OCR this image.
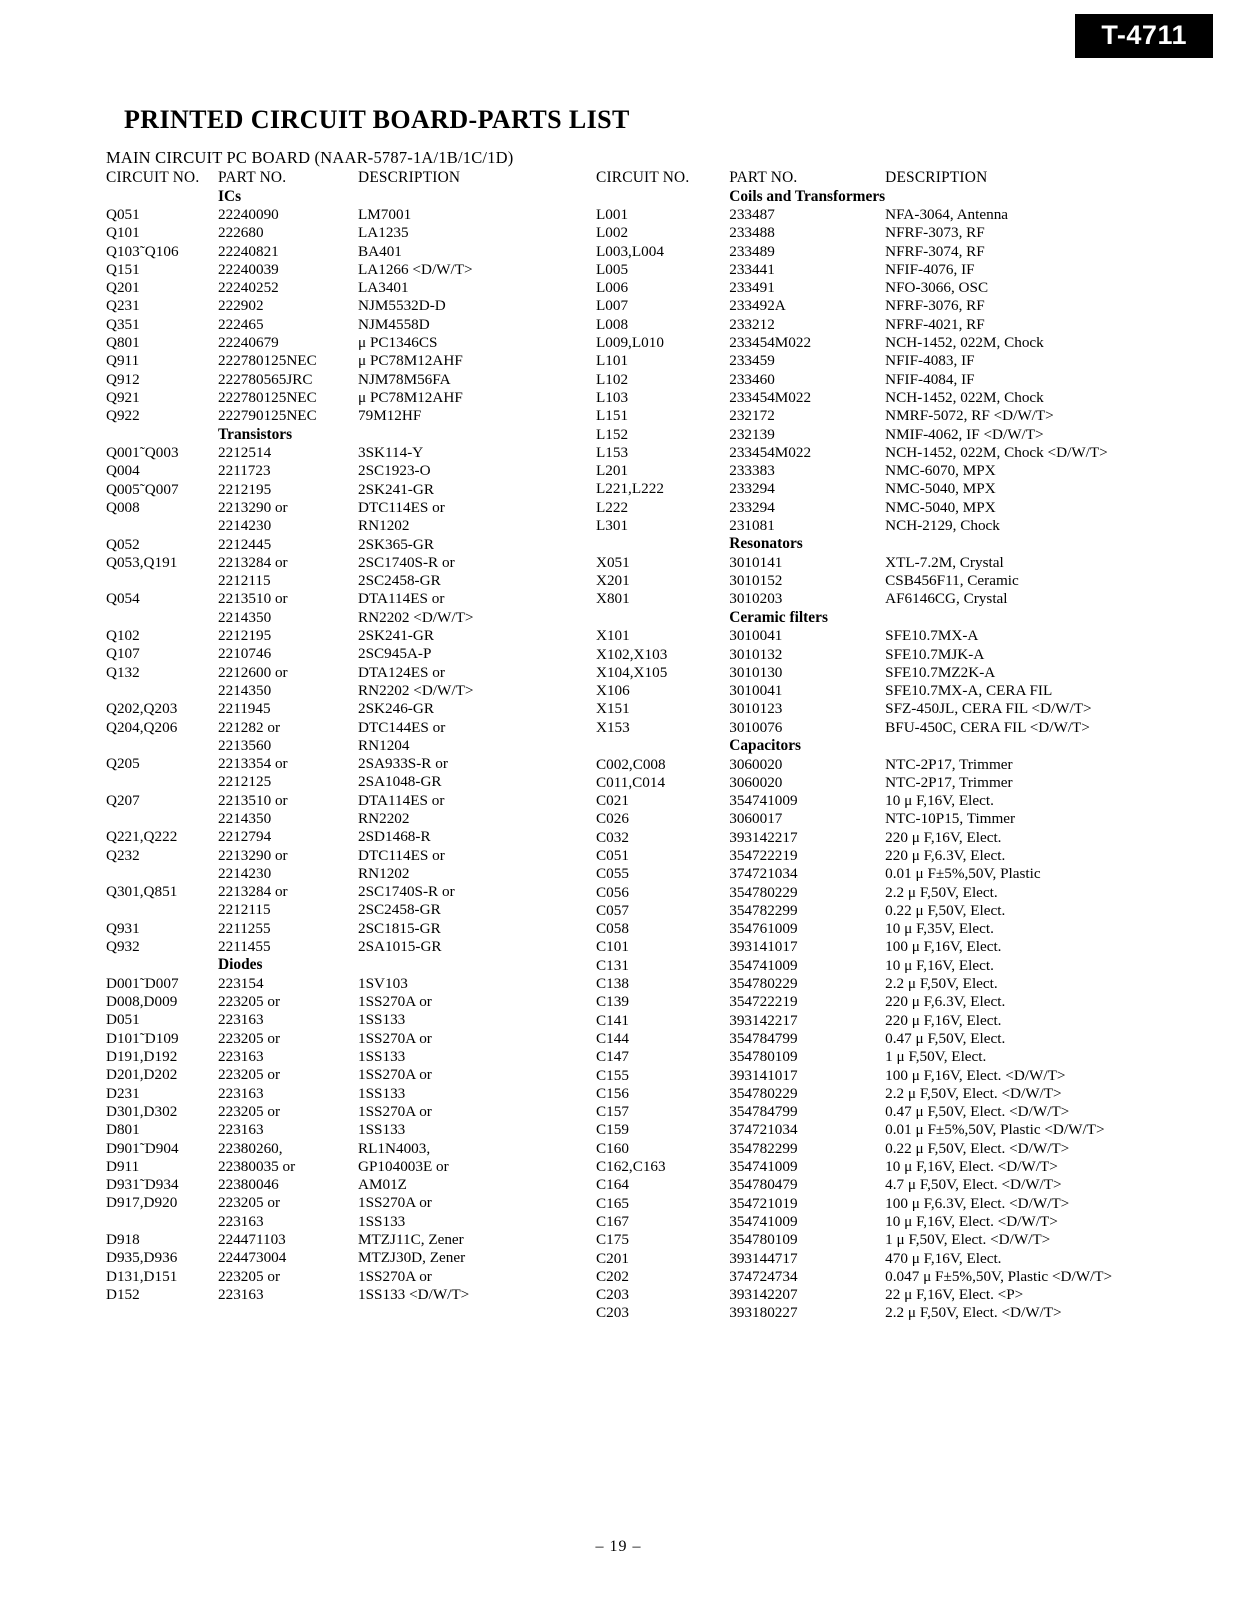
T-4711
PRINTED CIRCUIT BOARD-PARTS LIST
MAIN CIRCUIT PC BOARD (NAAR-5787-1A/1B/1C/1D)
CIRCUIT NO.	PART NO.	DESCRIPTION
	ICs	
Q051	22240090	LM7001
Q101	222680	LA1235
Q103˜Q106	22240821	BA401
Q151	22240039	LA1266 <D/W/T>
Q201	22240252	LA3401
Q231	222902	NJM5532D-D
Q351	222465	NJM4558D
Q801	22240679	μ PC1346CS
Q911	222780125NEC	μ PC78M12AHF
Q912	222780565JRC	NJM78M56FA
Q921	222780125NEC	μ PC78M12AHF
Q922	222790125NEC	79M12HF
	Transistors	
Q001˜Q003	2212514	3SK114-Y
Q004	2211723	2SC1923-O
Q005˜Q007	2212195	2SK241-GR
Q008	2213290 or	DTC114ES or
	2214230	RN1202
Q052	2212445	2SK365-GR
Q053,Q191	2213284 or	2SC1740S-R or
	2212115	2SC2458-GR
Q054	2213510 or	DTA114ES or
	2214350	RN2202 <D/W/T>
Q102	2212195	2SK241-GR
Q107	2210746	2SC945A-P
Q132	2212600 or	DTA124ES or
	2214350	RN2202 <D/W/T>
Q202,Q203	2211945	2SK246-GR
Q204,Q206	221282 or	DTC144ES or
	2213560	RN1204
Q205	2213354 or	2SA933S-R or
	2212125	2SA1048-GR
Q207	2213510 or	DTA114ES or
	2214350	RN2202
Q221,Q222	2212794	2SD1468-R
Q232	2213290 or	DTC114ES or
	2214230	RN1202
Q301,Q851	2213284 or	2SC1740S-R or
	2212115	2SC2458-GR
Q931	2211255	2SC1815-GR
Q932	2211455	2SA1015-GR
	Diodes	
D001˜D007	223154	1SV103
D008,D009	223205 or	1SS270A or
D051	223163	1SS133
D101˜D109	223205 or	1SS270A or
D191,D192	223163	1SS133
D201,D202	223205 or	1SS270A or
D231	223163	1SS133
D301,D302	223205 or	1SS270A or
D801	223163	1SS133
D901˜D904	22380260,	RL1N4003,
D911	22380035 or	GP104003E or
D931˜D934	22380046	AM01Z
D917,D920	223205 or	1SS270A or
	223163	1SS133
D918	224471103	MTZJ11C, Zener
D935,D936	224473004	MTZJ30D, Zener
D131,D151	223205 or	1SS270A or
D152	223163	1SS133 <D/W/T>
CIRCUIT NO.	PART NO.	DESCRIPTION
	Coils and Transformers	
L001	233487	NFA-3064, Antenna
L002	233488	NFRF-3073, RF
L003,L004	233489	NFRF-3074, RF
L005	233441	NFIF-4076, IF
L006	233491	NFO-3066, OSC
L007	233492A	NFRF-3076, RF
L008	233212	NFRF-4021, RF
L009,L010	233454M022	NCH-1452, 022M, Chock
L101	233459	NFIF-4083, IF
L102	233460	NFIF-4084, IF
L103	233454M022	NCH-1452, 022M, Chock
L151	232172	NMRF-5072, RF <D/W/T>
L152	232139	NMIF-4062, IF <D/W/T>
L153	233454M022	NCH-1452, 022M, Chock <D/W/T>
L201	233383	NMC-6070, MPX
L221,L222	233294	NMC-5040, MPX
L222	233294	NMC-5040, MPX
L301	231081	NCH-2129, Chock
	Resonators	
X051	3010141	XTL-7.2M, Crystal
X201	3010152	CSB456F11, Ceramic
X801	3010203	AF6146CG, Crystal
	Ceramic filters	
X101	3010041	SFE10.7MX-A
X102,X103	3010132	SFE10.7MJK-A
X104,X105	3010130	SFE10.7MZ2K-A
X106	3010041	SFE10.7MX-A, CERA FIL
X151	3010123	SFZ-450JL, CERA FIL <D/W/T>
X153	3010076	BFU-450C, CERA FIL <D/W/T>
	Capacitors	
C002,C008	3060020	NTC-2P17, Trimmer
C011,C014	3060020	NTC-2P17, Trimmer
C021	354741009	10 μ F,16V, Elect.
C026	3060017	NTC-10P15, Timmer
C032	393142217	220 μ F,16V, Elect.
C051	354722219	220 μ F,6.3V, Elect.
C055	374721034	0.01 μ F±5%,50V, Plastic
C056	354780229	2.2 μ F,50V, Elect.
C057	354782299	0.22 μ F,50V, Elect.
C058	354761009	10 μ F,35V, Elect.
C101	393141017	100 μ F,16V, Elect.
C131	354741009	10 μ F,16V, Elect.
C138	354780229	2.2 μ F,50V, Elect.
C139	354722219	220 μ F,6.3V, Elect.
C141	393142217	220 μ F,16V, Elect.
C144	354784799	0.47 μ F,50V, Elect.
C147	354780109	1 μ F,50V, Elect.
C155	393141017	100 μ F,16V, Elect. <D/W/T>
C156	354780229	2.2 μ F,50V, Elect. <D/W/T>
C157	354784799	0.47 μ F,50V, Elect. <D/W/T>
C159	374721034	0.01 μ F±5%,50V, Plastic <D/W/T>
C160	354782299	0.22 μ F,50V, Elect. <D/W/T>
C162,C163	354741009	10 μ F,16V, Elect. <D/W/T>
C164	354780479	4.7 μ F,50V, Elect. <D/W/T>
C165	354721019	100 μ F,6.3V, Elect. <D/W/T>
C167	354741009	10 μ F,16V, Elect. <D/W/T>
C175	354780109	1 μ F,50V, Elect. <D/W/T>
C201	393144717	470 μ F,16V, Elect.
C202	374724734	0.047 μ F±5%,50V, Plastic <D/W/T>
C203	393142207	22 μ F,16V, Elect. <P>
C203	393180227	2.2 μ F,50V, Elect. <D/W/T>
– 19 –
